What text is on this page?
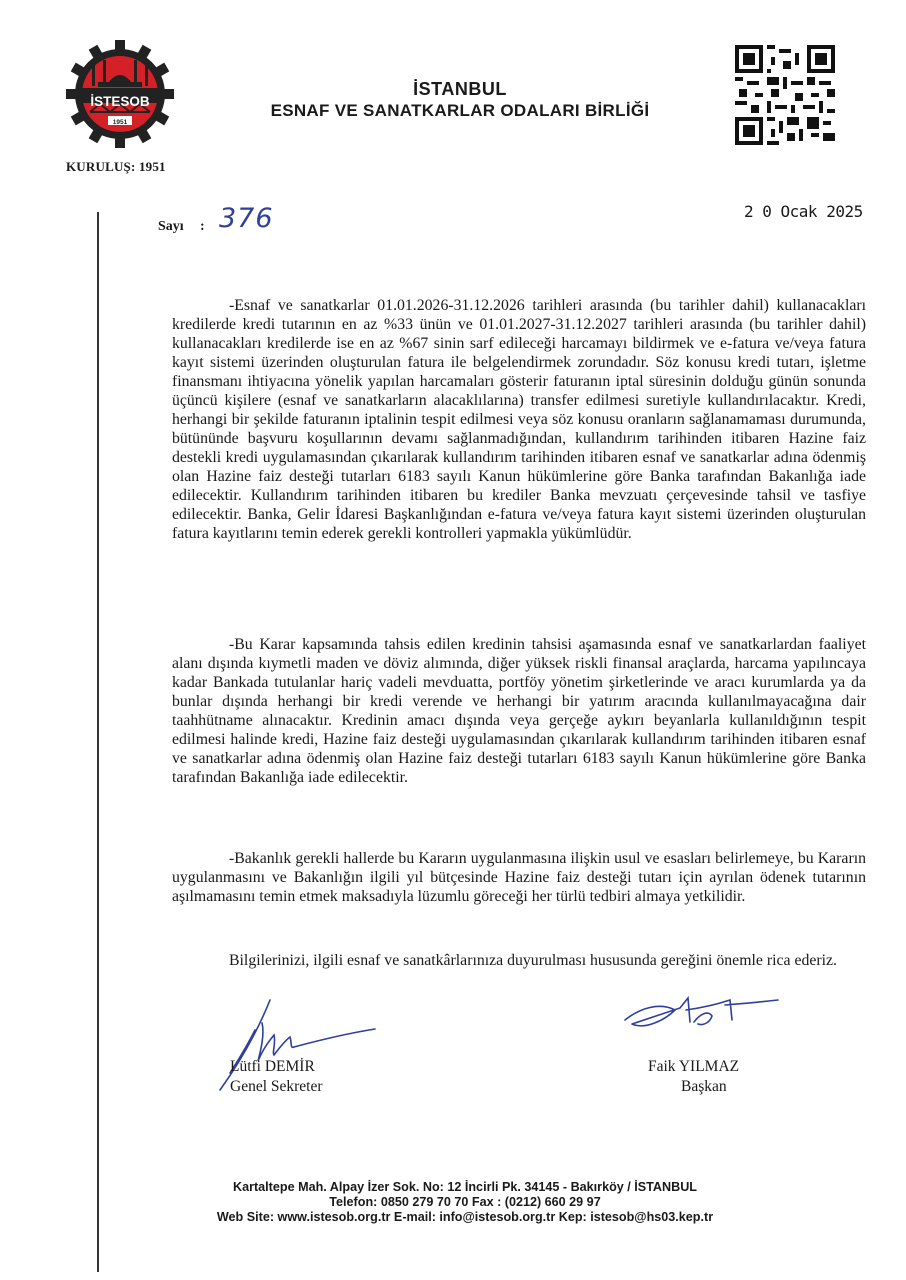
İSTESOB
1951
KURULUŞ: 1951
İSTANBUL
ESNAF VE SANATKARLAR ODALARI BİRLİĞİ
Sayı : 376	2 0 Ocak 2025
-Esnaf ve sanatkarlar 01.01.2026-31.12.2026 tarihleri arasında (bu tarihler dahil) kullanacakları kredilerde kredi tutarının en az %33 ünün ve 01.01.2027-31.12.2027 tarihleri arasında (bu tarihler dahil) kullanacakları kredilerde ise en az %67 sinin sarf edileceği harcamayı bildirmek ve e-fatura ve/veya fatura kayıt sistemi üzerinden oluşturulan fatura ile belgelendirmek zorundadır. Söz konusu kredi tutarı, işletme finansmanı ihtiyacına yönelik yapılan harcamaları gösterir faturanın iptal süresinin dolduğu günün sonunda üçüncü kişilere (esnaf ve sanatkarların alacaklılarına) transfer edilmesi suretiyle kullandırılacaktır. Kredi, herhangi bir şekilde faturanın iptalinin tespit edilmesi veya söz konusu oranların sağlanamaması durumunda, bütününde başvuru koşullarının devamı sağlanmadığından, kullandırım tarihinden itibaren Hazine faiz destekli kredi uygulamasından çıkarılarak kullandırım tarihinden itibaren esnaf ve sanatkarlar adına ödenmiş olan Hazine faiz desteği tutarları 6183 sayılı Kanun hükümlerine göre Banka tarafından Bakanlığa iade edilecektir. Kullandırım tarihinden itibaren bu krediler Banka mevzuatı çerçevesinde tahsil ve tasfiye edilecektir. Banka, Gelir İdaresi Başkanlığından e-fatura ve/veya fatura kayıt sistemi üzerinden oluşturulan fatura kayıtlarını temin ederek gerekli kontrolleri yapmakla yükümlüdür.
-Bu Karar kapsamında tahsis edilen kredinin tahsisi aşamasında esnaf ve sanatkarlardan faaliyet alanı dışında kıymetli maden ve döviz alımında, diğer yüksek riskli finansal araçlarda, harcama yapılıncaya kadar Bankada tutulanlar hariç vadeli mevduatta, portföy yönetim şirketlerinde ve aracı kurumlarda ya da bunlar dışında herhangi bir kredi verende ve herhangi bir yatırım aracında kullanılmayacağına dair taahhütname alınacaktır. Kredinin amacı dışında veya gerçeğe aykırı beyanlarla kullanıldığının tespit edilmesi halinde kredi, Hazine faiz desteği uygulamasından çıkarılarak kullandırım tarihinden itibaren esnaf ve sanatkarlar adına ödenmiş olan Hazine faiz desteği tutarları 6183 sayılı Kanun hükümlerine göre Banka tarafından Bakanlığa iade edilecektir.
-Bakanlık gerekli hallerde bu Kararın uygulanmasına ilişkin usul ve esasları belirlemeye, bu Kararın uygulanmasını ve Bakanlığın ilgili yıl bütçesinde Hazine faiz desteği tutarı için ayrılan ödenek tutarının aşılmamasını temin etmek maksadıyla lüzumlu göreceği her türlü tedbiri almaya yetkilidir.
Bilgilerinizi, ilgili esnaf ve sanatkârlarınıza duyurulması hususunda gereğini önemle rica ederiz.
Lütfi DEMİR
Genel Sekreter
Faik YILMAZ
Başkan
Kartaltepe Mah. Alpay İzer Sok. No: 12 İncirli Pk. 34145 - Bakırköy / İSTANBUL
Telefon: 0850 279 70 70 Fax : (0212) 660 29 97
Web Site: www.istesob.org.tr E-mail: info@istesob.org.tr Kep: istesob@hs03.kep.tr
